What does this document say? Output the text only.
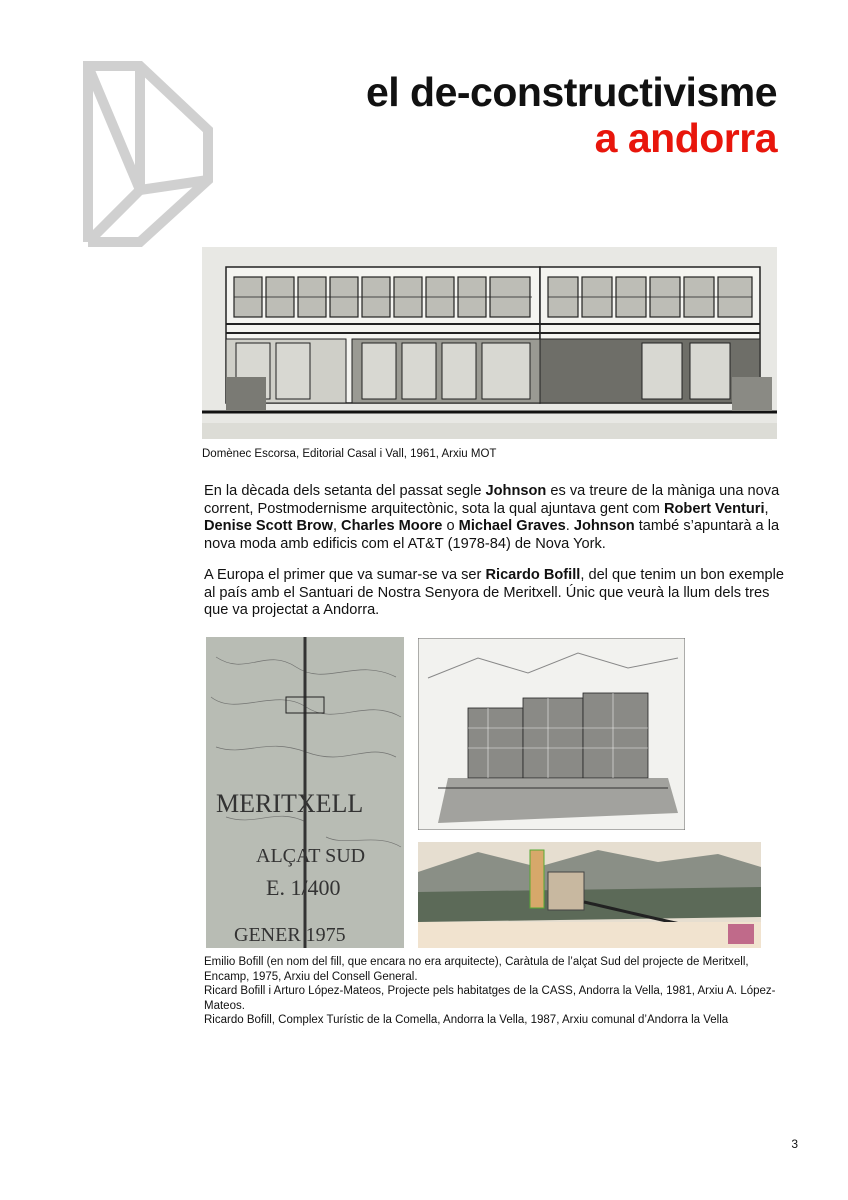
el de-constructivisme
a andorra
Domènec Escorsa, Editorial Casal i Vall, 1961, Arxiu MOT
En la dècada dels setanta del passat segle Johnson es va treure de la màniga una nova corrent, Postmodernisme arquitectònic, sota la qual ajuntava gent com Robert Venturi, Denise Scott Brow, Charles Moore o Michael Graves. Johnson també s’apuntarà a la nova moda amb edificis com el AT&T (1978-84) de Nova York.
A Europa el primer que va sumar-se va ser Ricardo Bofill, del que tenim un bon exemple al país amb el Santuari de Nostra Senyora de Meritxell. Únic que veurà la llum dels tres que va projectat a Andorra.
MERITXELL
ALÇAT SUD
E. 1/400
GENER 1975
Emilio Bofill (en nom del fill, que encara no era arquitecte), Caràtula de l’alçat Sud del projecte de Meritxell, Encamp, 1975, Arxiu del Consell General.
Ricard Bofill i Arturo López-Mateos, Projecte pels habitatges de la CASS, Andorra la Vella, 1981, Arxiu A. López-Mateos.
Ricardo Bofill, Complex Turístic de la Comella, Andorra la Vella, 1987, Arxiu comunal d’Andorra la Vella
3
